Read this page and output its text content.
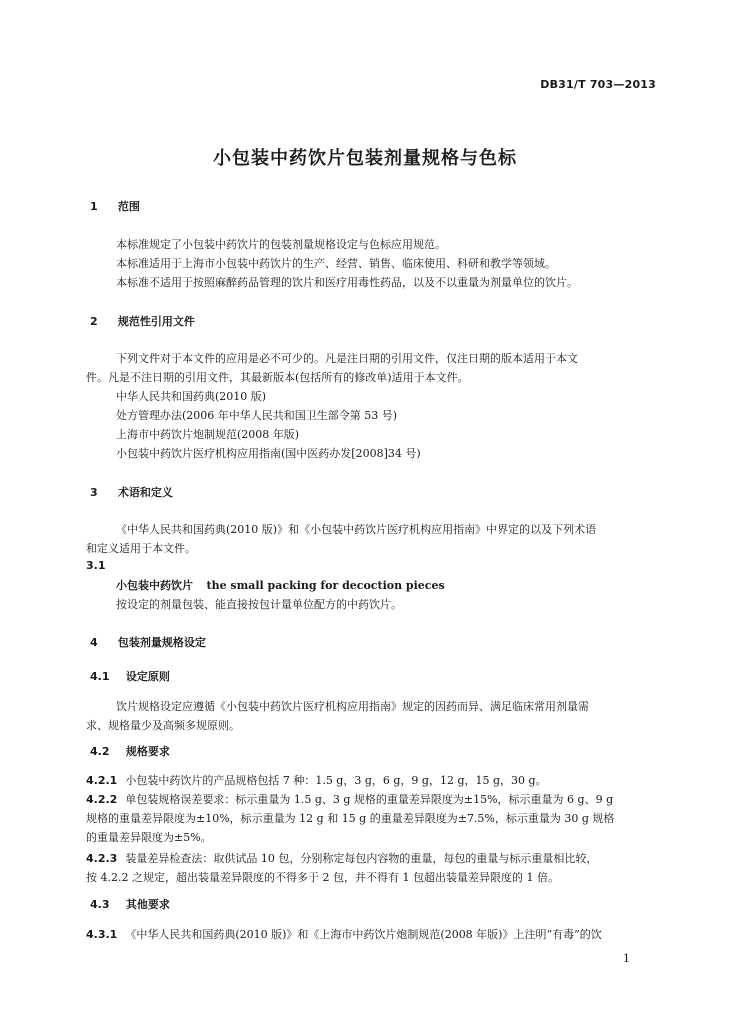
DB31/T 703—2013
小包装中药饮片包装剂量规格与色标
1 范围
本标准规定了小包装中药饮片的包装剂量规格设定与色标应用规范。
本标准适用于上海市小包装中药饮片的生产、经营、销售、临床使用、科研和教学等领域。
本标准不适用于按照麻醉药品管理的饮片和医疗用毒性药品，以及不以重量为剂量单位的饮片。
2 规范性引用文件
下列文件对于本文件的应用是必不可少的。凡是注日期的引用文件，仅注日期的版本适用于本文
件。凡是不注日期的引用文件，其最新版本(包括所有的修改单)适用于本文件。
中华人民共和国药典(2010 版)
处方管理办法(2006 年中华人民共和国卫生部令第 53 号)
上海市中药饮片炮制规范(2008 年版)
小包装中药饮片医疗机构应用指南(国中医药办发[2008]34 号)
3 术语和定义
《中华人民共和国药典(2010 版)》和《小包装中药饮片医疗机构应用指南》中界定的以及下列术语
和定义适用于本文件。
3.1
小包装中药饮片 the small packing for decoction pieces
按设定的剂量包装、能直接按包计量单位配方的中药饮片。
4 包装剂量规格设定
4.1 设定原则
饮片规格设定应遵循《小包装中药饮片医疗机构应用指南》规定的因药而异、满足临床常用剂量需
求、规格量少及高频多规原则。
4.2 规格要求
4.2.1 小包装中药饮片的产品规格包括 7 种：1.5 g，3 g，6 g，9 g，12 g，15 g，30 g。
4.2.2 单包装规格误差要求：标示重量为 1.5 g、3 g 规格的重量差异限度为±15%，标示重量为 6 g、9 g
规格的重量差异限度为±10%，标示重量为 12 g 和 15 g 的重量差异限度为±7.5%，标示重量为 30 g 规格
的重量差异限度为±5%。
4.2.3 装量差异检查法：取供试品 10 包，分别称定每包内容物的重量，每包的重量与标示重量相比较，
按 4.2.2 之规定，超出装量差异限度的不得多于 2 包，并不得有 1 包超出装量差异限度的 1 倍。
4.3 其他要求
4.3.1 《中华人民共和国药典(2010 版)》和《上海市中药饮片炮制规范(2008 年版)》上注明“有毒”的饮
1
